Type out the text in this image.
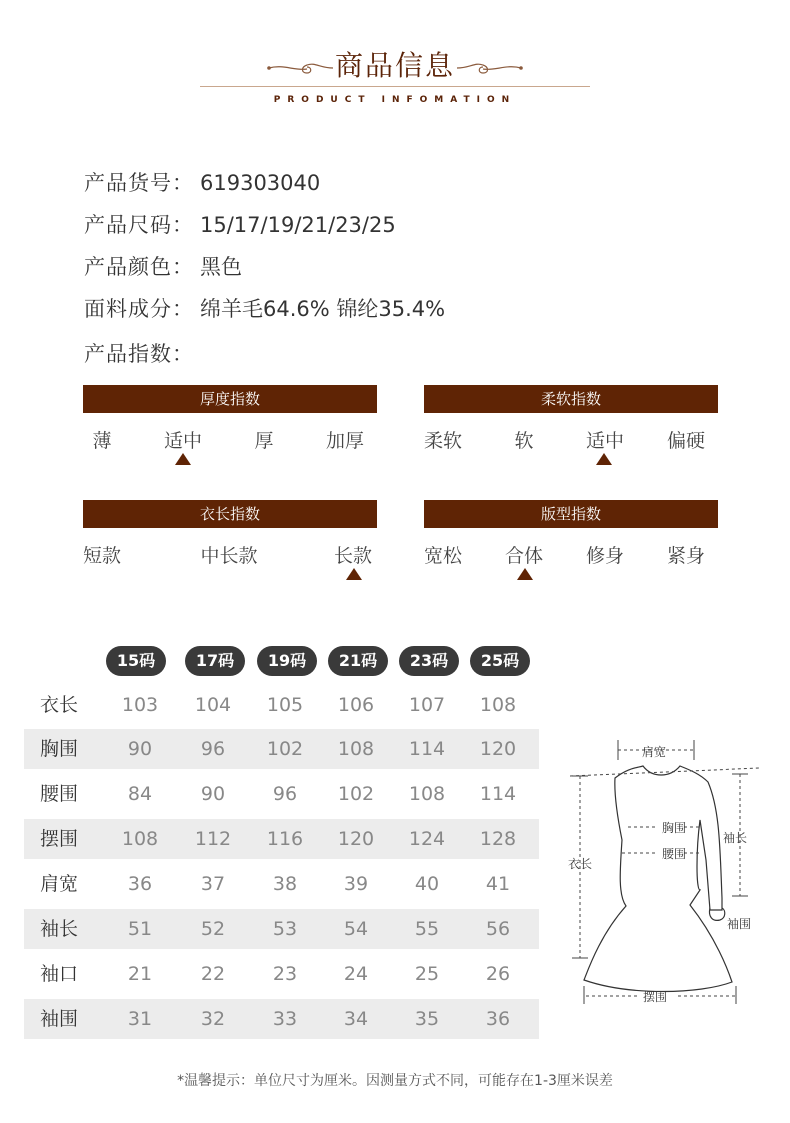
商品信息
PRODUCT INFOMATION
产品货号： 619303040
产品尺码： 15/17/19/21/23/25
产品颜色： 黑色
面料成分： 绵羊毛64.6% 锦纶35.4%
产品指数：
厚度指数
薄	适中	厚	加厚
柔软指数
柔软	软	适中	偏硬
衣长指数
短款	中长款	长款
版型指数
宽松	合体	修身	紧身
15码	17码	19码	21码	23码	25码
衣长	103	104	105	106	107	108
胸围	90	96	102	108	114	120
腰围	84	90	96	102	108	114
摆围	108	112	116	120	124	128
肩宽	36	37	38	39	40	41
袖长	51	52	53	54	55	56
袖口	21	22	23	24	25	26
袖围	31	32	33	34	35	36
肩宽
胸围
腰围
袖长
衣长
袖围
摆围
*温馨提示：单位尺寸为厘米。因测量方式不同，可能存在1-3厘米误差
